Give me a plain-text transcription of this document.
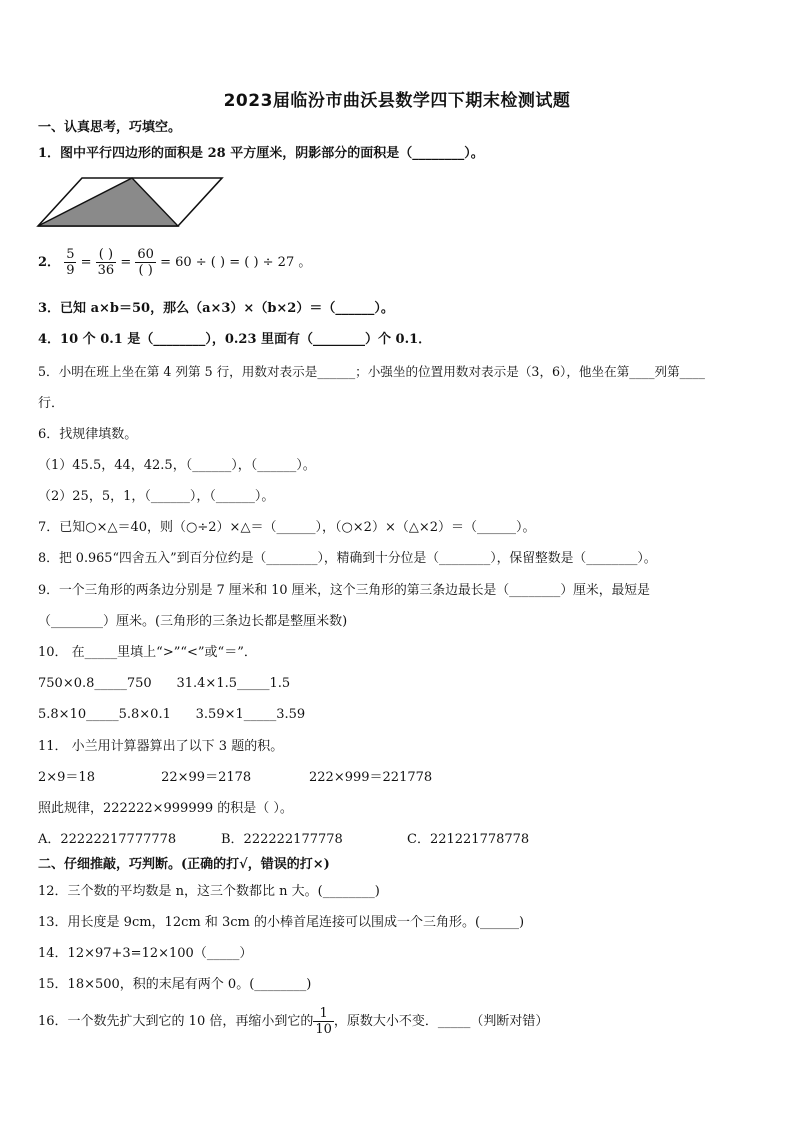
2023届临汾市曲沃县数学四下期末检测试题
一、认真思考，巧填空。
1．图中平行四边形的面积是 28 平方厘米，阴影部分的面积是（________）。
2． $\frac{5}{9} = \frac{( )}{36} = \frac{60}{( )} = 60$ ÷ ( ) = ( ) ÷ 27 。
3．已知 a×b＝50，那么（a×3）×（b×2）＝（______）。
4．10 个 0.1 是（________），0.23 里面有（________）个 0.1．
5．小明在班上坐在第 4 列第 5 行，用数对表示是______；小强坐的位置用数对表示是（3，6），他坐在第____列第____
行．
6．找规律填数。
（1）45.5，44，42.5，（______），（______）。
（2）25，5，1，（______），（______）。
7．已知○×△＝40，则（○÷2）×△＝（______），（○×2）×（△×2）＝（______）。
8．把 0.965“四舍五入”到百分位约是（________），精确到十分位是（________），保留整数是（________）。
9．一个三角形的两条边分别是 7 厘米和 10 厘米，这个三角形的第三条边最长是（________）厘米，最短是
（________）厘米。(三角形的三条边长都是整厘米数)
10． 在_____里填上“>”“<”或“＝”．
750×0.8_____750      31.4×1.5_____1.5
5.8×10_____5.8×0.1      3.59×1_____3.59
11． 小兰用计算器算出了以下 3 题的积。
2×9＝18                22×99＝2178              222×999＝221778
照此规律，222222×999999 的积是（ ）。
A．22222217777778	B．222222177778	C．221221778778
二、仔细推敲，巧判断。(正确的打√，错误的打×)
12．三个数的平均数是 n，这三个数都比 n 大。(________)
13．用长度是 9cm，12cm 和 3cm 的小棒首尾连接可以围成一个三角形。(______)
14．12×97+3=12×100（_____）
15．18×500，积的末尾有两个 0。(________)
16．一个数先扩大到它的 10 倍，再缩小到它的 $\frac{1}{10}$ ，原数大小不变．_____（判断对错）
